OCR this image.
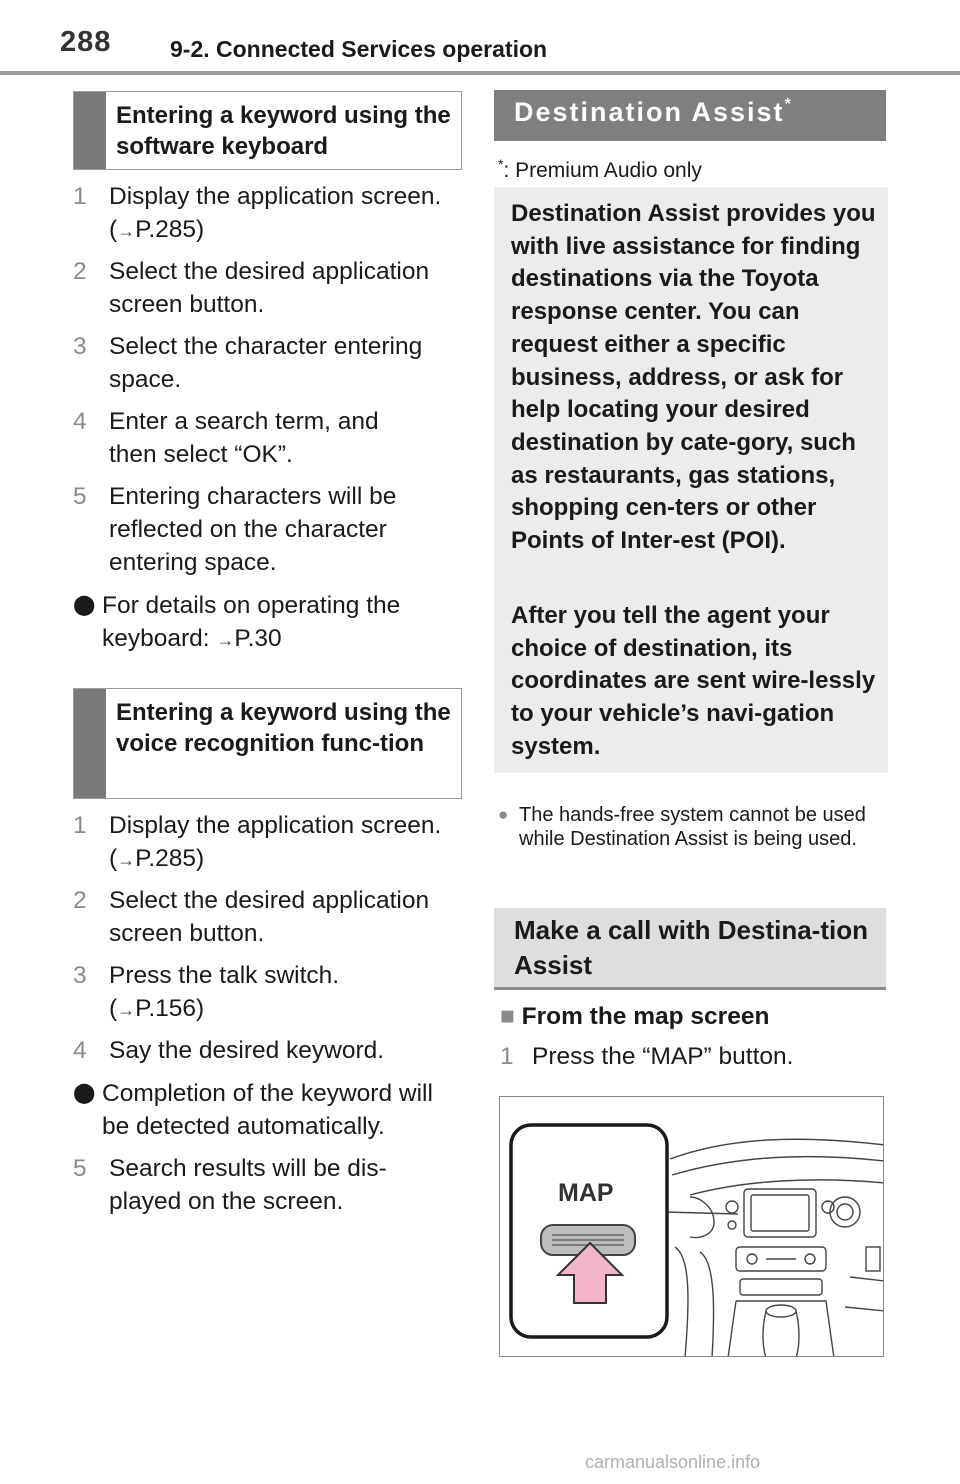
288	9-2. Connected Services operation
Entering a keyword using the software keyboard
1 Display the application screen. (→P.285)
2 Select the desired application screen button.
3 Select the character entering space.
4 Enter a search term, and then select “OK”.
5 Entering characters will be reflected on the character entering space.
⬤ For details on operating the keyboard: →P.30
Entering a keyword using the voice recognition func-tion
1 Display the application screen. (→P.285)
2 Select the desired application screen button.
3 Press the talk switch. (→P.156)
4 Say the desired keyword.
⬤ Completion of the keyword will be detected automatically.
5 Search results will be dis-played on the screen.
Destination Assist*
*: Premium Audio only
Destination Assist provides you with live assistance for finding destinations via the Toyota response center. You can request either a specific business, address, or ask for help locating your desired destination by cate-gory, such as restaurants, gas stations, shopping cen-ters or other Points of Inter-est (POI).
After you tell the agent your choice of destination, its coordinates are sent wire-lessly to your vehicle’s navi-gation system.
● The hands-free system cannot be used while Destination Assist is being used.
Make a call with Destina-tion Assist
■ From the map screen
1 Press the “MAP” button.
MAP
carmanualsonline.info
